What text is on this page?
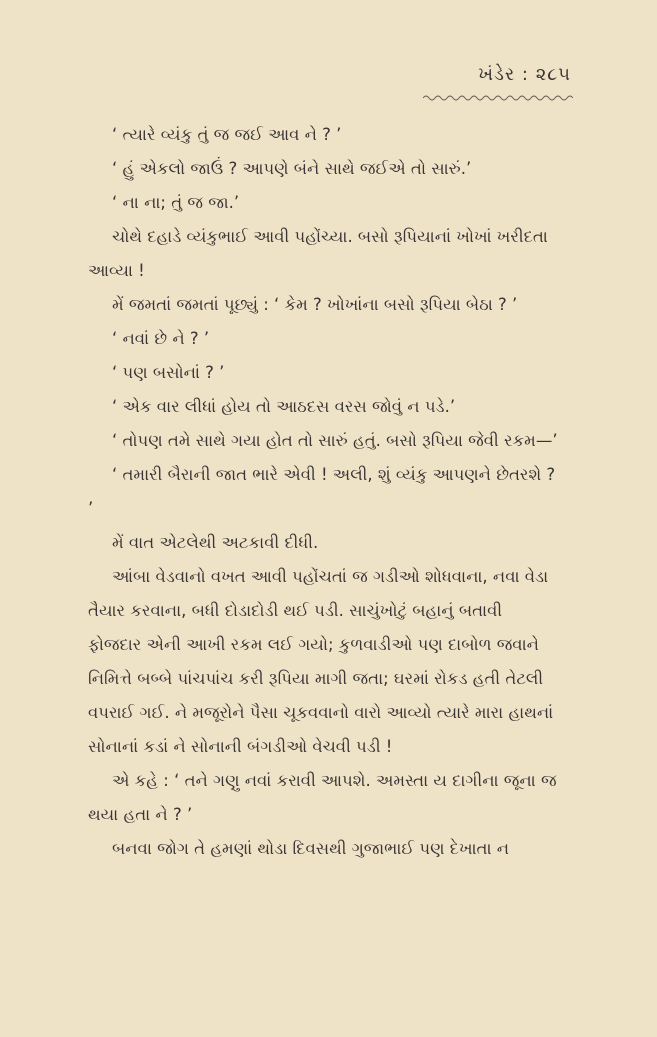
ખંડેર : ૨૮૫

‘ ત્યારે વ્યંકુ તું જ જઈ આવ ને ? ’

‘ હું એકલો જાઉં ? આપણે બંને સાથે જઈએ તો સારું.’

‘ ના ના; તું જ જા.’

ચોથે દહાડે વ્યંકુભાઈ આવી પહોંચ્યા. બસો રૂપિયાનાં ખોખાં ખરીદતા આવ્યા !

મેં જમતાં જમતાં પૂછ્યું : ‘ કેમ ? ખોખાંના બસો રૂપિયા બેઠા ? ’

‘ નવાં છે ને ? ’

‘ પણ બસોનાં ? ’

‘ એક વાર લીધાં હોય તો આઠદસ વરસ જોવું ન પડે.’

‘ તોપણ તમે સાથે ગયા હોત તો સારું હતું. બસો રૂપિયા જેવી રકમ—’

‘ તમારી બૈરાની જાત ભારે એવી ! અલી, શું વ્યંકુ આપણને છેતરશે ? ’

મેં વાત એટલેથી અટકાવી દીધી.

આંબા વેડવાનો વખત આવી પહોંચતાં જ ગડીઓ શોધવાના, નવા વેડા તૈયાર કરવાના, બધી દોડાદોડી થઈ પડી. સાચુંખોટું બહાનું બતાવી ફોજદાર એની આખી રકમ લઈ ગયો; કુળવાડીઓ પણ દાબોળ જવાને નિમિત્તે બબ્બે પાંચપાંચ કરી રૂપિયા માગી જતા; ઘરમાં રોકડ હતી તેટલી વપરાઈ ગઈ. ને મજૂરોને પૈસા ચૂકવવાનો વારો આવ્યો ત્યારે મારા હાથનાં સોનાનાં કડાં ને સોનાની બંગડીઓ વેચવી પડી !

એ કહે : ‘ તને ગણુ નવાં કરાવી આપશે. અમસ્તા ય દાગીના જૂના જ થયા હતા ને ? ’

બનવા જોગ તે હમણાં થોડા દિવસથી ગુજાભાઈ પણ દેખાતા ન
